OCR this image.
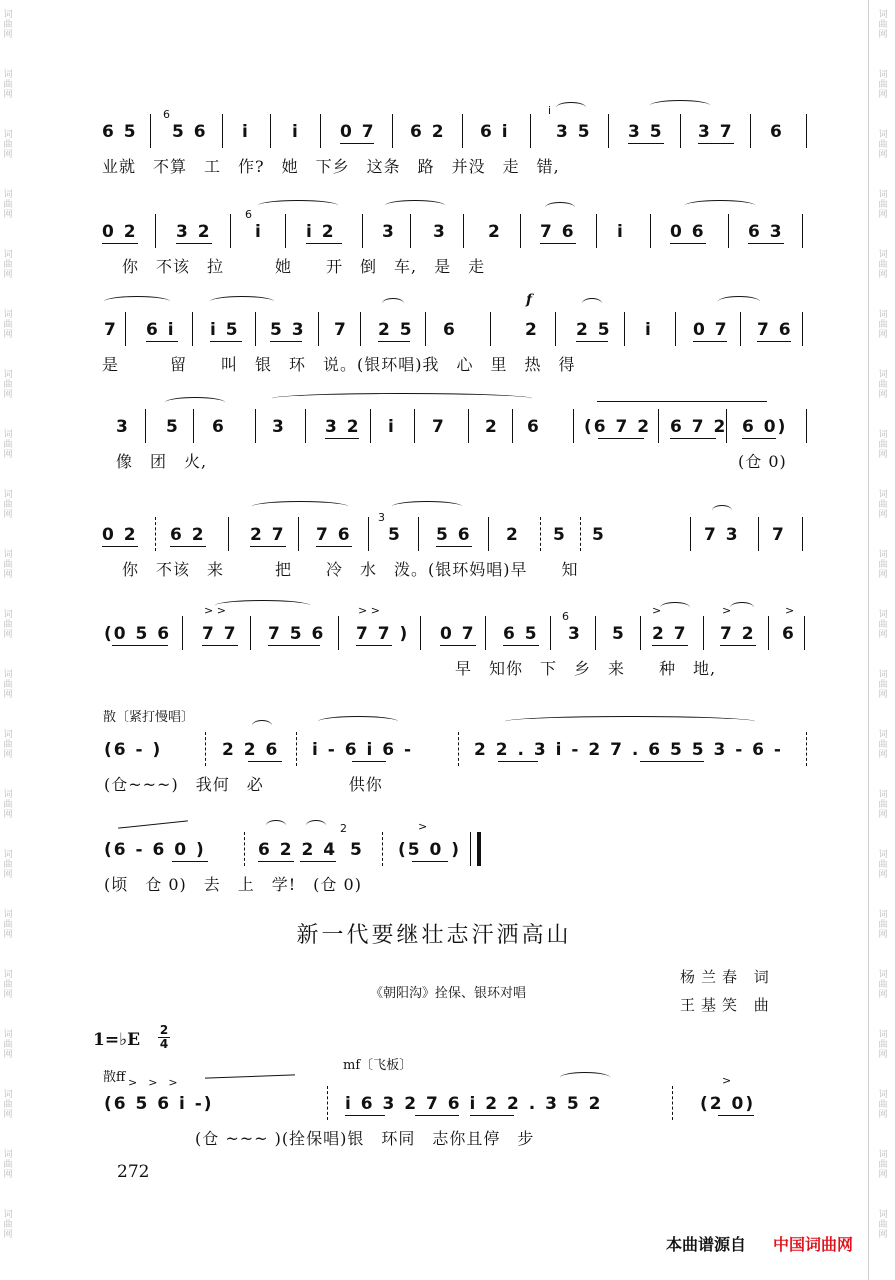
词
曲
网
词
曲
网
词
曲
网
词
曲
网
词
曲
网
词
曲
网
词
曲
网
词
曲
网
词
曲
网
词
曲
网
词
曲
网
词
曲
网
词
曲
网
词
曲
网
词
曲
网
词
曲
网
词
曲
网
词
曲
网
词
曲
网
词
曲
网
词
曲
网
词
曲
网
词
曲
网
词
曲
网
词
曲
网
词
曲
网
词
曲
网
词
曲
网
词
曲
网
词
曲
网
词
曲
网
词
曲
网
词
曲
网
词
曲
网
词
曲
网
词
曲
网
词
曲
网
词
曲
网
词
曲
网
词
曲
网
词
曲
网
词
曲
网
6 5
6
5 6 i i 0 7 6 2 6 i
i
3 5 3 5 3 7 6
业就　不算　工　作?　她　下乡　这条　路　并没　走　错,
0 2 3 2
6
i	i 2	3 3 2 7 6 i	0 6 6 3
你　不该　拉　　　她　　开　倒　车,　是　走
7 6 i i 5 5 3 7 2 5 6
f
2 2 5 i 0 7 7 6
是　　　留　　叫　银　环　说。(银环唱)我　心　里　热　得
3 5 6	3 3 2 i 7 2 6	(6 7 2 6 7 2 6 0)
像　团　火,	(仓 0)
0 2 6 2	2 7 7 6
3
5 5 6 2 5 5	7 3 7
你　不该　来　　　把　　冷　水　泼。(银环妈唱)早　　知
(0 5 6
> >
7 7 7 5 6
> >
7 7 ) 0 7 6 5
6
3 5
>
2 7
>
7 2
>
6
早　知你　下　乡　来　　种　地,
散〔紧打慢唱〕
(6 - )	2 2 6 i - 6 i 6 -	2 2 . 3 i - 2 7 . 6 5 5 3 - 6 -
(仓~~~)　我何　必　　　　　供你
(6 - 6 0 )	6 2 2 4
2
5
>
(5 0 )
(顷　仓 0)　去　上　学!　(仓 0)
新一代要继壮志汗洒高山
《朝阳沟》拴保、银环对唱
杨兰春 词
王基笑 曲
1=♭E $\frac{2}{4}$
散ff
mf〔飞板〕
>　>　>
(6 5 6 i -)	i 6 3 2 7 6 i 2 2 . 3 5 2
>
(2 0)
(仓 ~~~ )(拴保唱)银　环同　志你且停　步
272
本曲谱源自 中国词曲网
